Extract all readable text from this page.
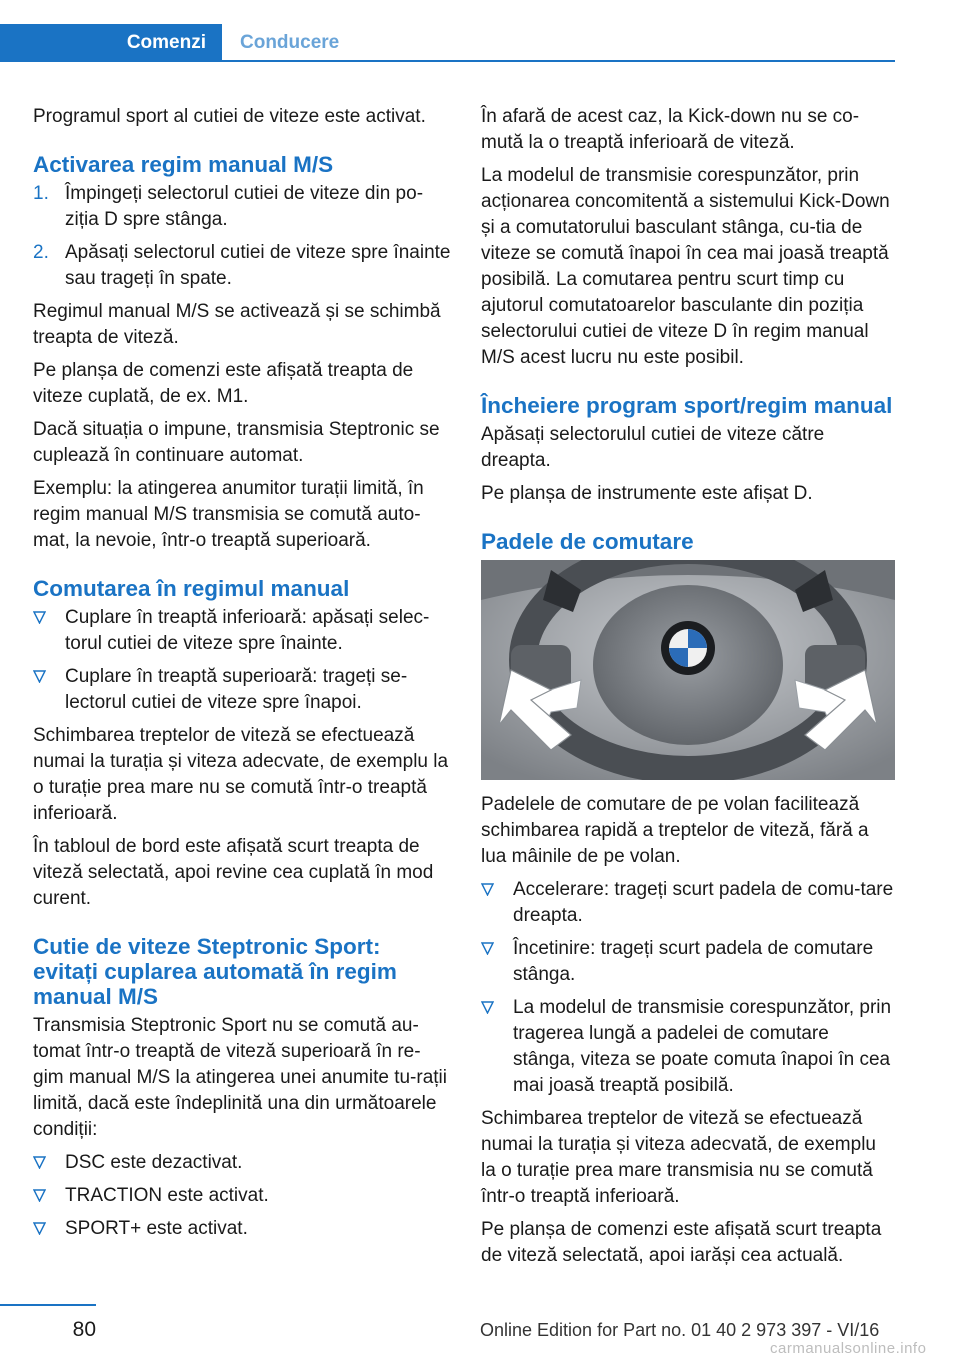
Comenzi	Conducere

Programul sport al cutiei de viteze este activat.

Activarea regim manual M/S
1. Împingeți selectorul cutiei de viteze din po‐ziția D spre stânga.
2. Apăsați selectorul cutiei de viteze spre înainte sau trageți în spate.

Regimul manual M/S se activează și se schimbă treapta de viteză.

Pe planșa de comenzi este afișată treapta de viteze cuplată, de ex. M1.

Dacă situația o impune, transmisia Steptronic se cuplează în continuare automat.

Exemplu: la atingerea anumitor turații limită, în regim manual M/S transmisia se comută auto‐mat, la nevoie, într-o treaptă superioară.

Comutarea în regimul manual
Cuplare în treaptă inferioară: apăsați selec‐torul cutiei de viteze spre înainte.
Cuplare în treaptă superioară: trageți se‐lectorul cutiei de viteze spre înapoi.

Schimbarea treptelor de viteză se efectuează numai la turația și viteza adecvate, de exemplu la o turație prea mare nu se comută într-o treaptă inferioară.

În tabloul de bord este afișată scurt treapta de viteză selectată, apoi revine cea cuplată în mod curent.

Cutie de viteze Steptronic Sport: evitați cuplarea automată în regim manual M/S

Transmisia Steptronic Sport nu se comută au‐tomat într-o treaptă de viteză superioară în re‐gim manual M/S la atingerea unei anumite tu‐rații limită, dacă este îndeplinită una din următoarele condiții:

DSC este dezactivat.
TRACTION este activat.
SPORT+ este activat.

În afară de acest caz, la Kick-down nu se co‐mută la o treaptă inferioară de viteză.

La modelul de transmisie corespunzător, prin acționarea concomitentă a sistemului Kick-Down și a comutatorului basculant stânga, cu‐tia de viteze se comută înapoi în cea mai joasă treaptă posibilă. La comutarea pentru scurt timp cu ajutorul comutatoarelor basculante din poziția selectorului cutiei de viteze D în regim manual M/S acest lucru nu este posibil.

Încheiere program sport/regim manual

Apăsați selectorulul cutiei de viteze către dreapta.

Pe planșa de instrumente este afișat D.

Padele de comutare

Padelele de comutare de pe volan facilitează schimbarea rapidă a treptelor de viteză, fără a lua mâinile de pe volan.

Accelerare: trageți scurt padela de comu‐tare dreapta.
Încetinire: trageți scurt padela de comutare stânga.
La modelul de transmisie corespunzător, prin tragerea lungă a padelei de comutare stânga, viteza se poate comuta înapoi în cea mai joasă treaptă posibilă.

Schimbarea treptelor de viteză se efectuează numai la turația și viteza adecvată, de exemplu la o turație prea mare transmisia nu se comută într-o treaptă inferioară.

Pe planșa de comenzi este afișată scurt treapta de viteză selectată, apoi iarăși cea actuală.

80	Online Edition for Part no. 01 40 2 973 397 - VI/16
carmanualsonline.info
